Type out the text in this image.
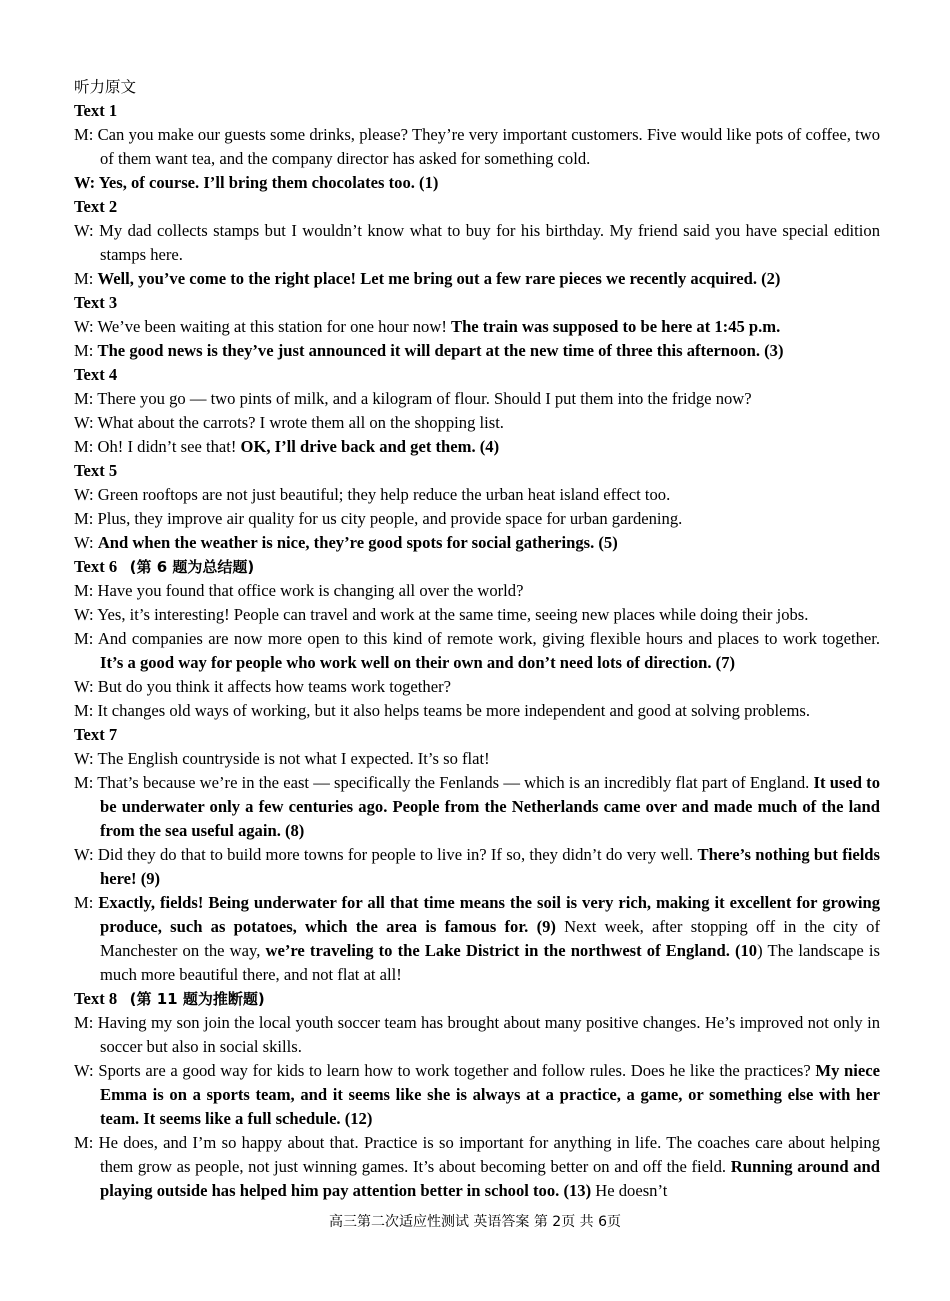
听力原文
Text 1
M: Can you make our guests some drinks, please? They’re very important customers. Five would like pots of coffee, two of them want tea, and the company director has asked for something cold.
W: Yes, of course. I’ll bring them chocolates too. (1)
Text 2
W: My dad collects stamps but I wouldn’t know what to buy for his birthday. My friend said you have special edition stamps here.
M: Well, you’ve come to the right place! Let me bring out a few rare pieces we recently acquired. (2)
Text 3
W: We’ve been waiting at this station for one hour now! The train was supposed to be here at 1:45 p.m.
M: The good news is they’ve just announced it will depart at the new time of three this afternoon. (3)
Text 4
M: There you go — two pints of milk, and a kilogram of flour. Should I put them into the fridge now?
W: What about the carrots? I wrote them all on the shopping list.
M: Oh! I didn’t see that! OK, I’ll drive back and get them. (4)
Text 5
W: Green rooftops are not just beautiful; they help reduce the urban heat island effect too.
M: Plus, they improve air quality for us city people, and provide space for urban gardening.
W: And when the weather is nice, they’re good spots for social gatherings. (5)
Text 6 (第 6 题为总结题)
M: Have you found that office work is changing all over the world?
W: Yes, it’s interesting! People can travel and work at the same time, seeing new places while doing their jobs.
M: And companies are now more open to this kind of remote work, giving flexible hours and places to work together. It’s a good way for people who work well on their own and don’t need lots of direction. (7)
W: But do you think it affects how teams work together?
M: It changes old ways of working, but it also helps teams be more independent and good at solving problems.
Text 7
W: The English countryside is not what I expected. It’s so flat!
M: That’s because we’re in the east — specifically the Fenlands — which is an incredibly flat part of England. It used to be underwater only a few centuries ago. People from the Netherlands came over and made much of the land from the sea useful again. (8)
W: Did they do that to build more towns for people to live in? If so, they didn’t do very well. There’s nothing but fields here! (9)
M: Exactly, fields! Being underwater for all that time means the soil is very rich, making it excellent for growing produce, such as potatoes, which the area is famous for. (9) Next week, after stopping off in the city of Manchester on the way, we’re traveling to the Lake District in the northwest of England. (10) The landscape is much more beautiful there, and not flat at all!
Text 8 (第 11 题为推断题)
M: Having my son join the local youth soccer team has brought about many positive changes. He’s improved not only in soccer but also in social skills.
W: Sports are a good way for kids to learn how to work together and follow rules. Does he like the practices? My niece Emma is on a sports team, and it seems like she is always at a practice, a game, or something else with her team. It seems like a full schedule. (12)
M: He does, and I’m so happy about that. Practice is so important for anything in life. The coaches care about helping them grow as people, not just winning games. It’s about becoming better on and off the field. Running around and playing outside has helped him pay attention better in school too. (13) He doesn’t
高三第二次适应性测试 英语答案 第 2页 共 6页
